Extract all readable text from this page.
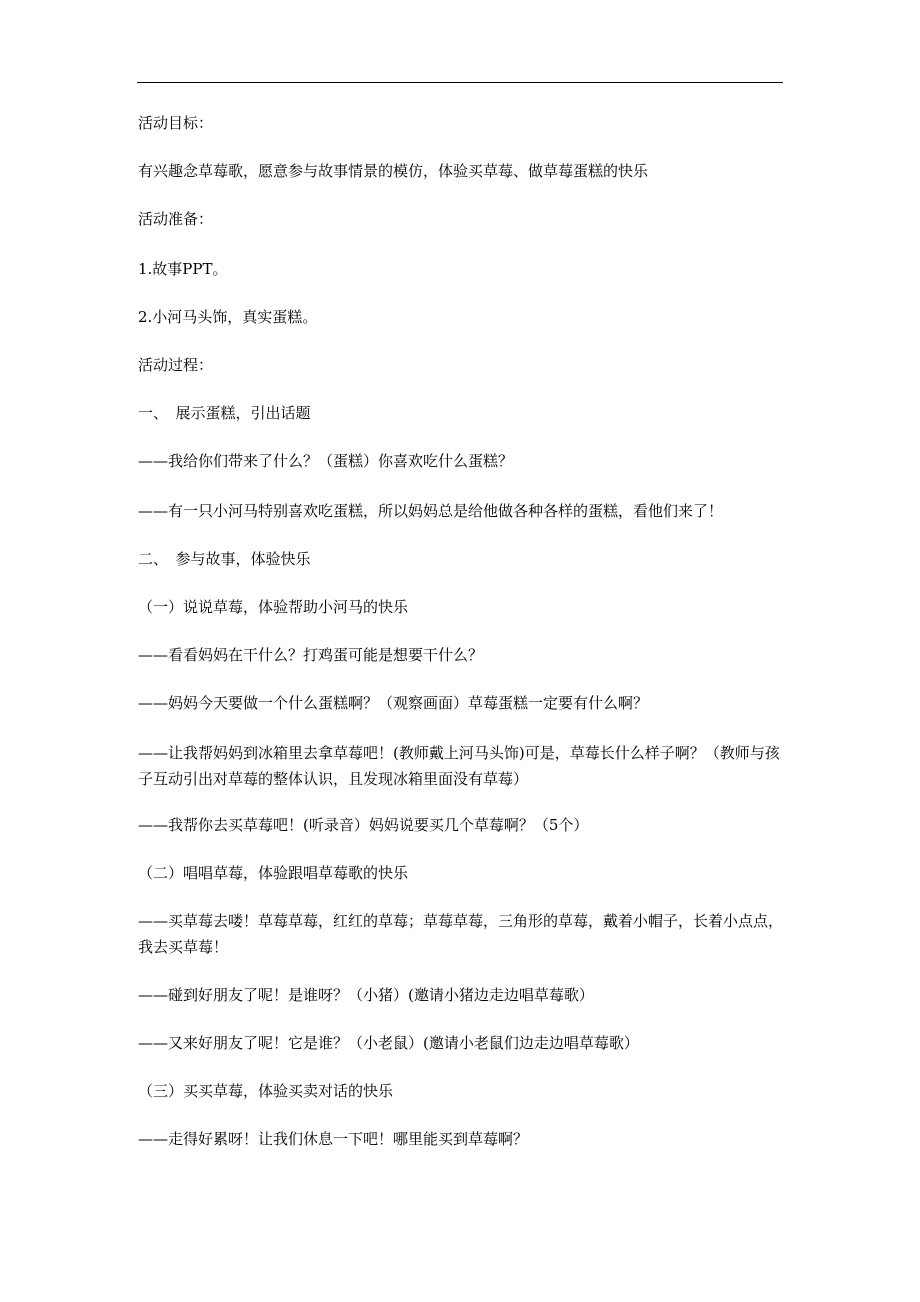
活动目标：
有兴趣念草莓歌，愿意参与故事情景的模仿，体验买草莓、做草莓蛋糕的快乐
活动准备：
1.故事PPT。
2.小河马头饰，真实蛋糕。
活动过程：
一、　展示蛋糕，引出话题
——我给你们带来了什么？（蛋糕）你喜欢吃什么蛋糕？
——有一只小河马特别喜欢吃蛋糕，所以妈妈总是给他做各种各样的蛋糕，看他们来了！
二、　参与故事，体验快乐
（一）说说草莓，体验帮助小河马的快乐
——看看妈妈在干什么？打鸡蛋可能是想要干什么？
——妈妈今天要做一个什么蛋糕啊？（观察画面）草莓蛋糕一定要有什么啊？
——让我帮妈妈到冰箱里去拿草莓吧！(教师戴上河马头饰)可是，草莓长什么样子啊？（教师与孩子互动引出对草莓的整体认识，且发现冰箱里面没有草莓）
——我帮你去买草莓吧！(听录音）妈妈说要买几个草莓啊？（5个）
（二）唱唱草莓，体验跟唱草莓歌的快乐
——买草莓去喽！草莓草莓，红红的草莓；草莓草莓，三角形的草莓，戴着小帽子，长着小点点，我去买草莓！
——碰到好朋友了呢！是谁呀？（小猪）(邀请小猪边走边唱草莓歌）
——又来好朋友了呢！它是谁？（小老鼠）(邀请小老鼠们边走边唱草莓歌）
（三）买买草莓，体验买卖对话的快乐
——走得好累呀！让我们休息一下吧！哪里能买到草莓啊？
